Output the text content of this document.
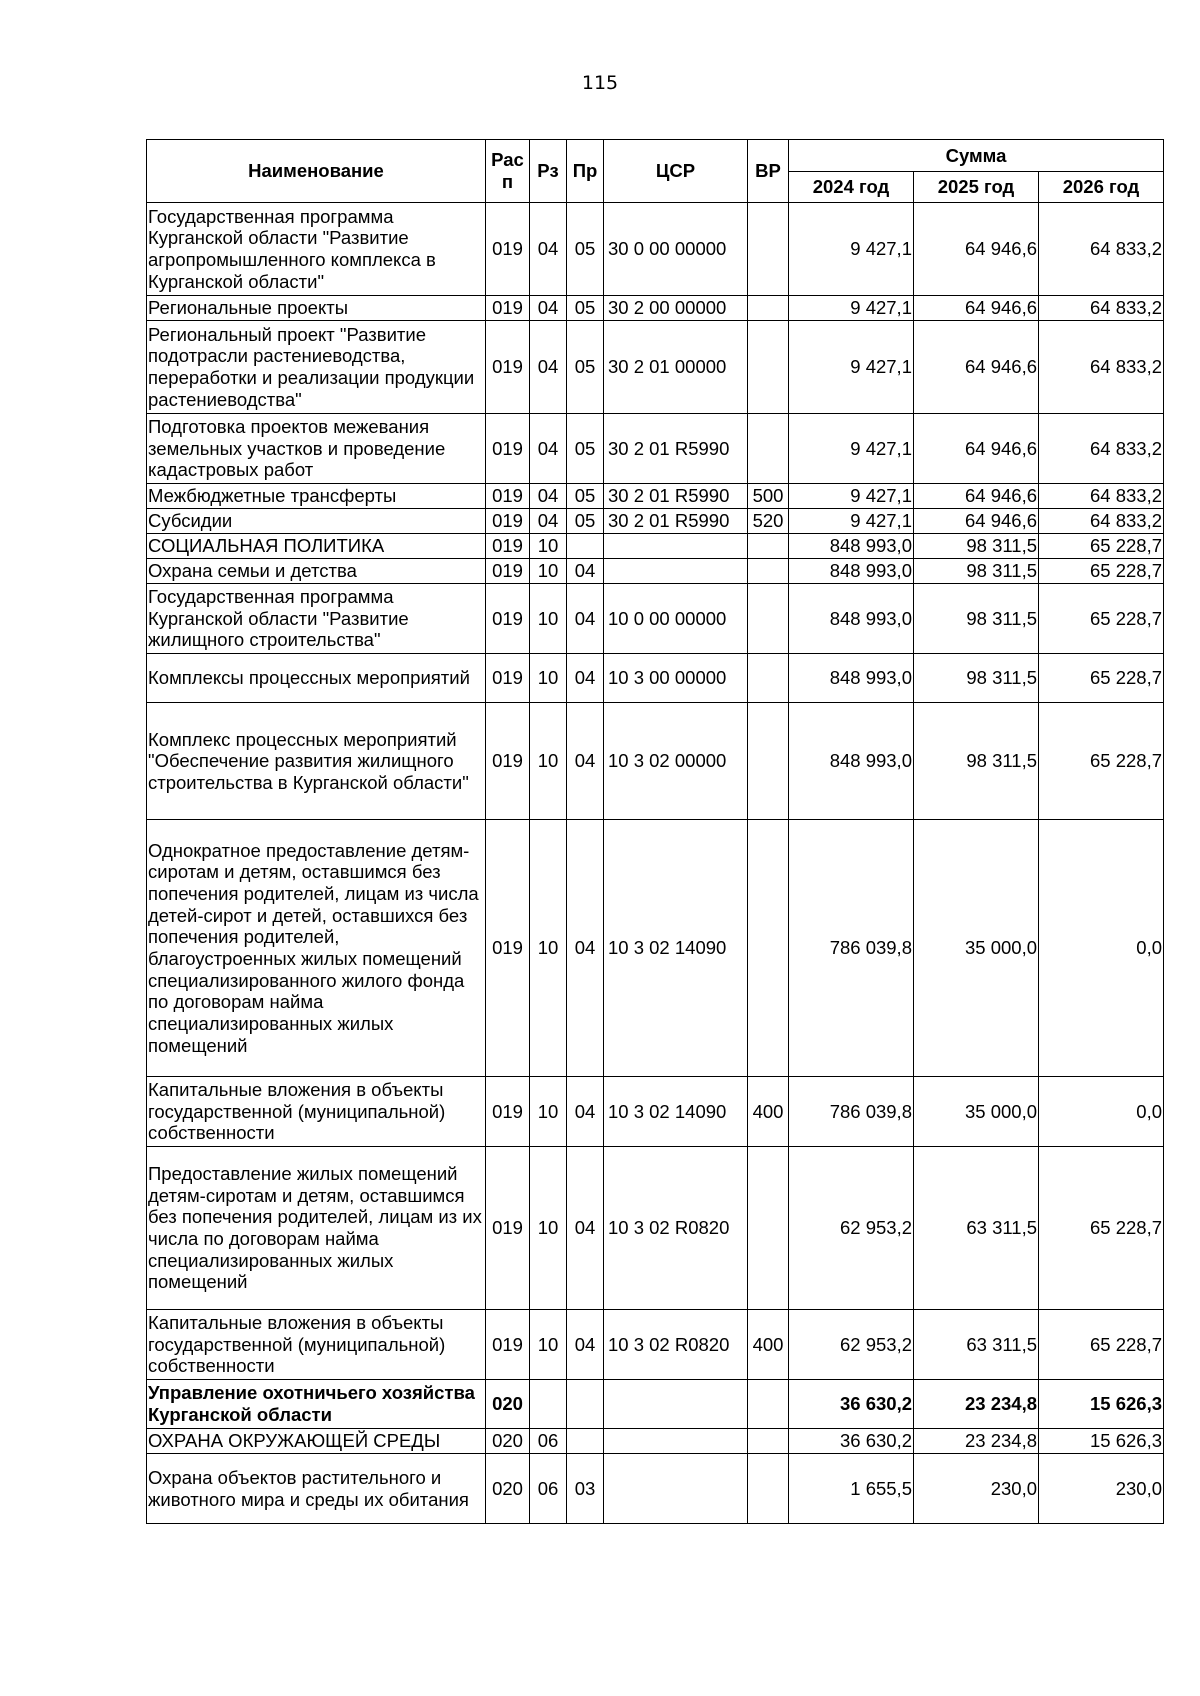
115
Наименование	Рас п	Рз	Пр	ЦСР	ВР	Сумма		
						2024 год	2025 год	2026 год
Государственная программа Курганской области "Развитие агропромышленного комплекса в Курганской области"	019	04	05	30 0 00 00000		9 427,1	64 946,6	64 833,2
Региональные проекты	019	04	05	30 2 00 00000		9 427,1	64 946,6	64 833,2
Региональный проект "Развитие подотрасли растениеводства, переработки и реализации продукции растениеводства"	019	04	05	30 2 01 00000		9 427,1	64 946,6	64 833,2
Подготовка проектов межевания земельных участков и проведение кадастровых работ	019	04	05	30 2 01 R5990		9 427,1	64 946,6	64 833,2
Межбюджетные трансферты	019	04	05	30 2 01 R5990	500	9 427,1	64 946,6	64 833,2
Субсидии	019	04	05	30 2 01 R5990	520	9 427,1	64 946,6	64 833,2
СОЦИАЛЬНАЯ ПОЛИТИКА	019	10				848 993,0	98 311,5	65 228,7
Охрана семьи и детства	019	10	04			848 993,0	98 311,5	65 228,7
Государственная программа Курганской области "Развитие жилищного строительства"	019	10	04	10 0 00 00000		848 993,0	98 311,5	65 228,7
Комплексы процессных мероприятий	019	10	04	10 3 00 00000		848 993,0	98 311,5	65 228,7
Комплекс процессных мероприятий "Обеспечение развития жилищного строительства в Курганской области"	019	10	04	10 3 02 00000		848 993,0	98 311,5	65 228,7
Однократное предоставление детям-сиротам и детям, оставшимся без попечения родителей, лицам из числа детей-сирот и детей, оставшихся без попечения родителей, благоустроенных жилых помещений специализированного жилого фонда по договорам найма специализированных жилых помещений	019	10	04	10 3 02 14090		786 039,8	35 000,0	0,0
Капитальные вложения в объекты государственной (муниципальной) собственности	019	10	04	10 3 02 14090	400	786 039,8	35 000,0	0,0
Предоставление жилых помещений детям-сиротам и детям, оставшимся без попечения родителей, лицам из их числа по договорам найма специализированных жилых помещений	019	10	04	10 3 02 R0820		62 953,2	63 311,5	65 228,7
Капитальные вложения в объекты государственной (муниципальной) собственности	019	10	04	10 3 02 R0820	400	62 953,2	63 311,5	65 228,7
Управление охотничьего хозяйства Курганской области	020					36 630,2	23 234,8	15 626,3
ОХРАНА ОКРУЖАЮЩЕЙ СРЕДЫ	020	06				36 630,2	23 234,8	15 626,3
Охрана объектов растительного и животного мира и среды их обитания	020	06	03			1 655,5	230,0	230,0
